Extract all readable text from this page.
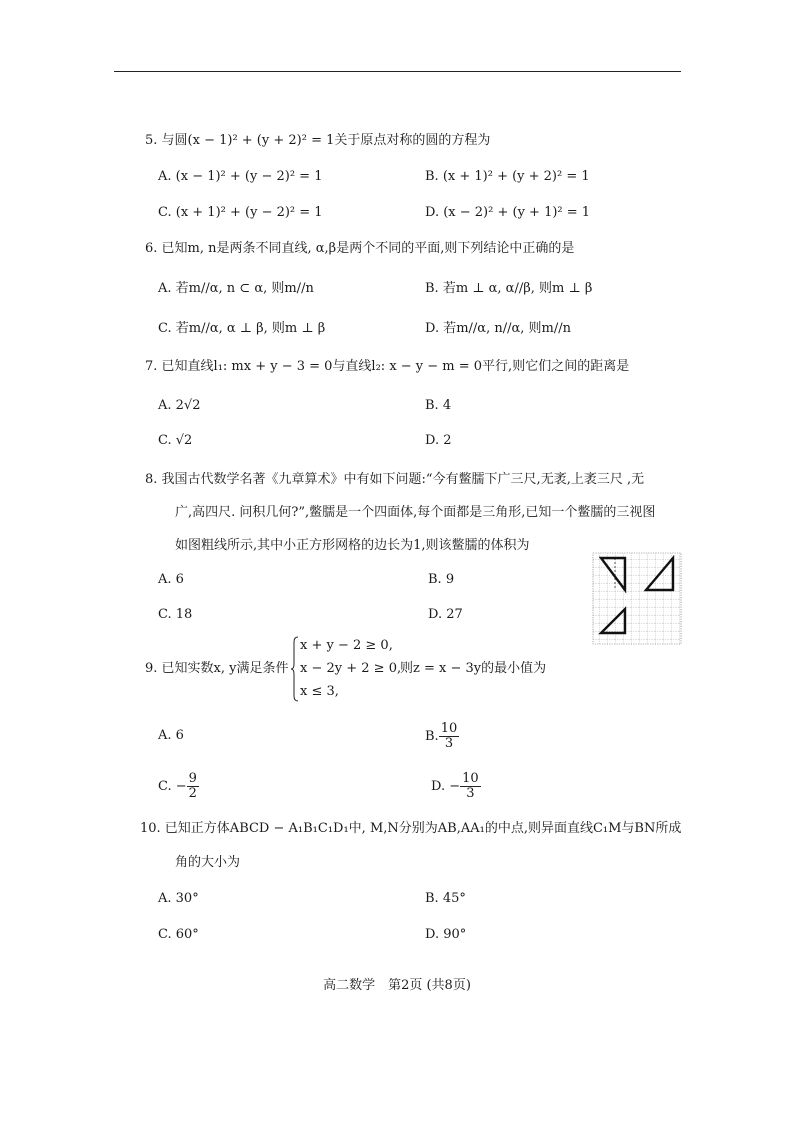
5. 与圆(x − 1)² + (y + 2)² = 1关于原点对称的圆的方程为
A. (x − 1)² + (y − 2)² = 1	B. (x + 1)² + (y + 2)² = 1
C. (x + 1)² + (y − 2)² = 1	D. (x − 2)² + (y + 1)² = 1
6. 已知m, n是两条不同直线, α,β是两个不同的平面,则下列结论中正确的是
A. 若m//α, n ⊂ α, 则m//n	B. 若m ⊥ α, α//β, 则m ⊥ β
C. 若m//α, α ⊥ β, 则m ⊥ β	D. 若m//α, n//α, 则m//n
7. 已知直线l₁: mx + y − 3 = 0与直线l₂: x − y − m = 0平行,则它们之间的距离是
A. 2√2	B. 4
C. √2	D. 2
8. 我国古代数学名著《九章算术》中有如下问题:“今有鳖臑下广三尺,无袤,上袤三尺 ,无
广,高四尺. 问积几何?”,鳖臑是一个四面体,每个面都是三角形,已知一个鳖臑的三视图
如图粗线所示,其中小正方形网格的边长为1,则该鳖臑的体积为
A. 6	B. 9
C. 18	D. 27
9. 已知实数x, y满足条件
x + y − 2 ≥ 0,
x − 2y + 2 ≥ 0,
x ≤ 3,
则z = x − 3y的最小值为
A. 6	B. $\frac{10}{3}$
C. − $\frac{9}{2}$	D. − $\frac{10}{3}$
10. 已知正方体ABCD − A₁B₁C₁D₁中, M,N分别为AB,AA₁的中点,则异面直线C₁M与BN所成
角的大小为
A. 30°	B. 45°
C. 60°	D. 90°
高二数学　第2页 (共8页)
